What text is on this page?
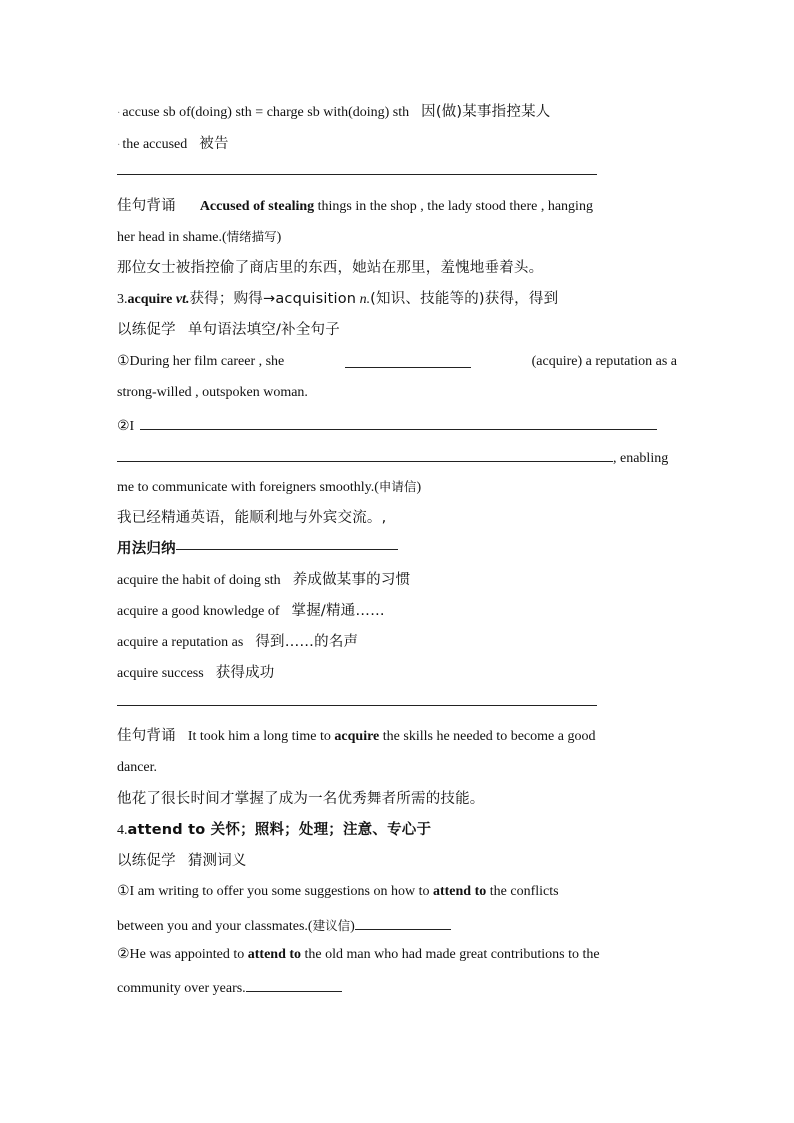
· accuse sb of(doing) sth = charge sb with(doing) sth 因(做)某事指控某人
· the accused 被告
佳句背诵 Accused of stealing things in the shop , the lady stood there , hanging
her head in shame.(情绪描写)
那位女士被指控偷了商店里的东西，她站在那里，羞愧地垂着头。
3.acquire vt.获得；购得→acquisition n.(知识、技能等的)获得，得到
以练促学 单句语法填空/补全句子
①During her film career , she	(acquire) a reputation as a
strong-willed , outspoken woman.
②I
, enabling
me to communicate with foreigners smoothly.(申请信)
我已经精通英语，能顺利地与外宾交流。,
用法归纳
acquire the habit of doing sth 养成做某事的习惯
acquire a good knowledge of 掌握/精通……
acquire a reputation as 得到……的名声
acquire success 获得成功
佳句背诵 It took him a long time to acquire the skills he needed to become a good
dancer.
他花了很长时间才掌握了成为一名优秀舞者所需的技能。
4.attend to 关怀；照料；处理；注意、专心于
以练促学 猜测词义
①I am writing to offer you some suggestions on how to attend to the conflicts
between you and your classmates.(建议信)
②He was appointed to attend to the old man who had made great contributions to the
community over years.
